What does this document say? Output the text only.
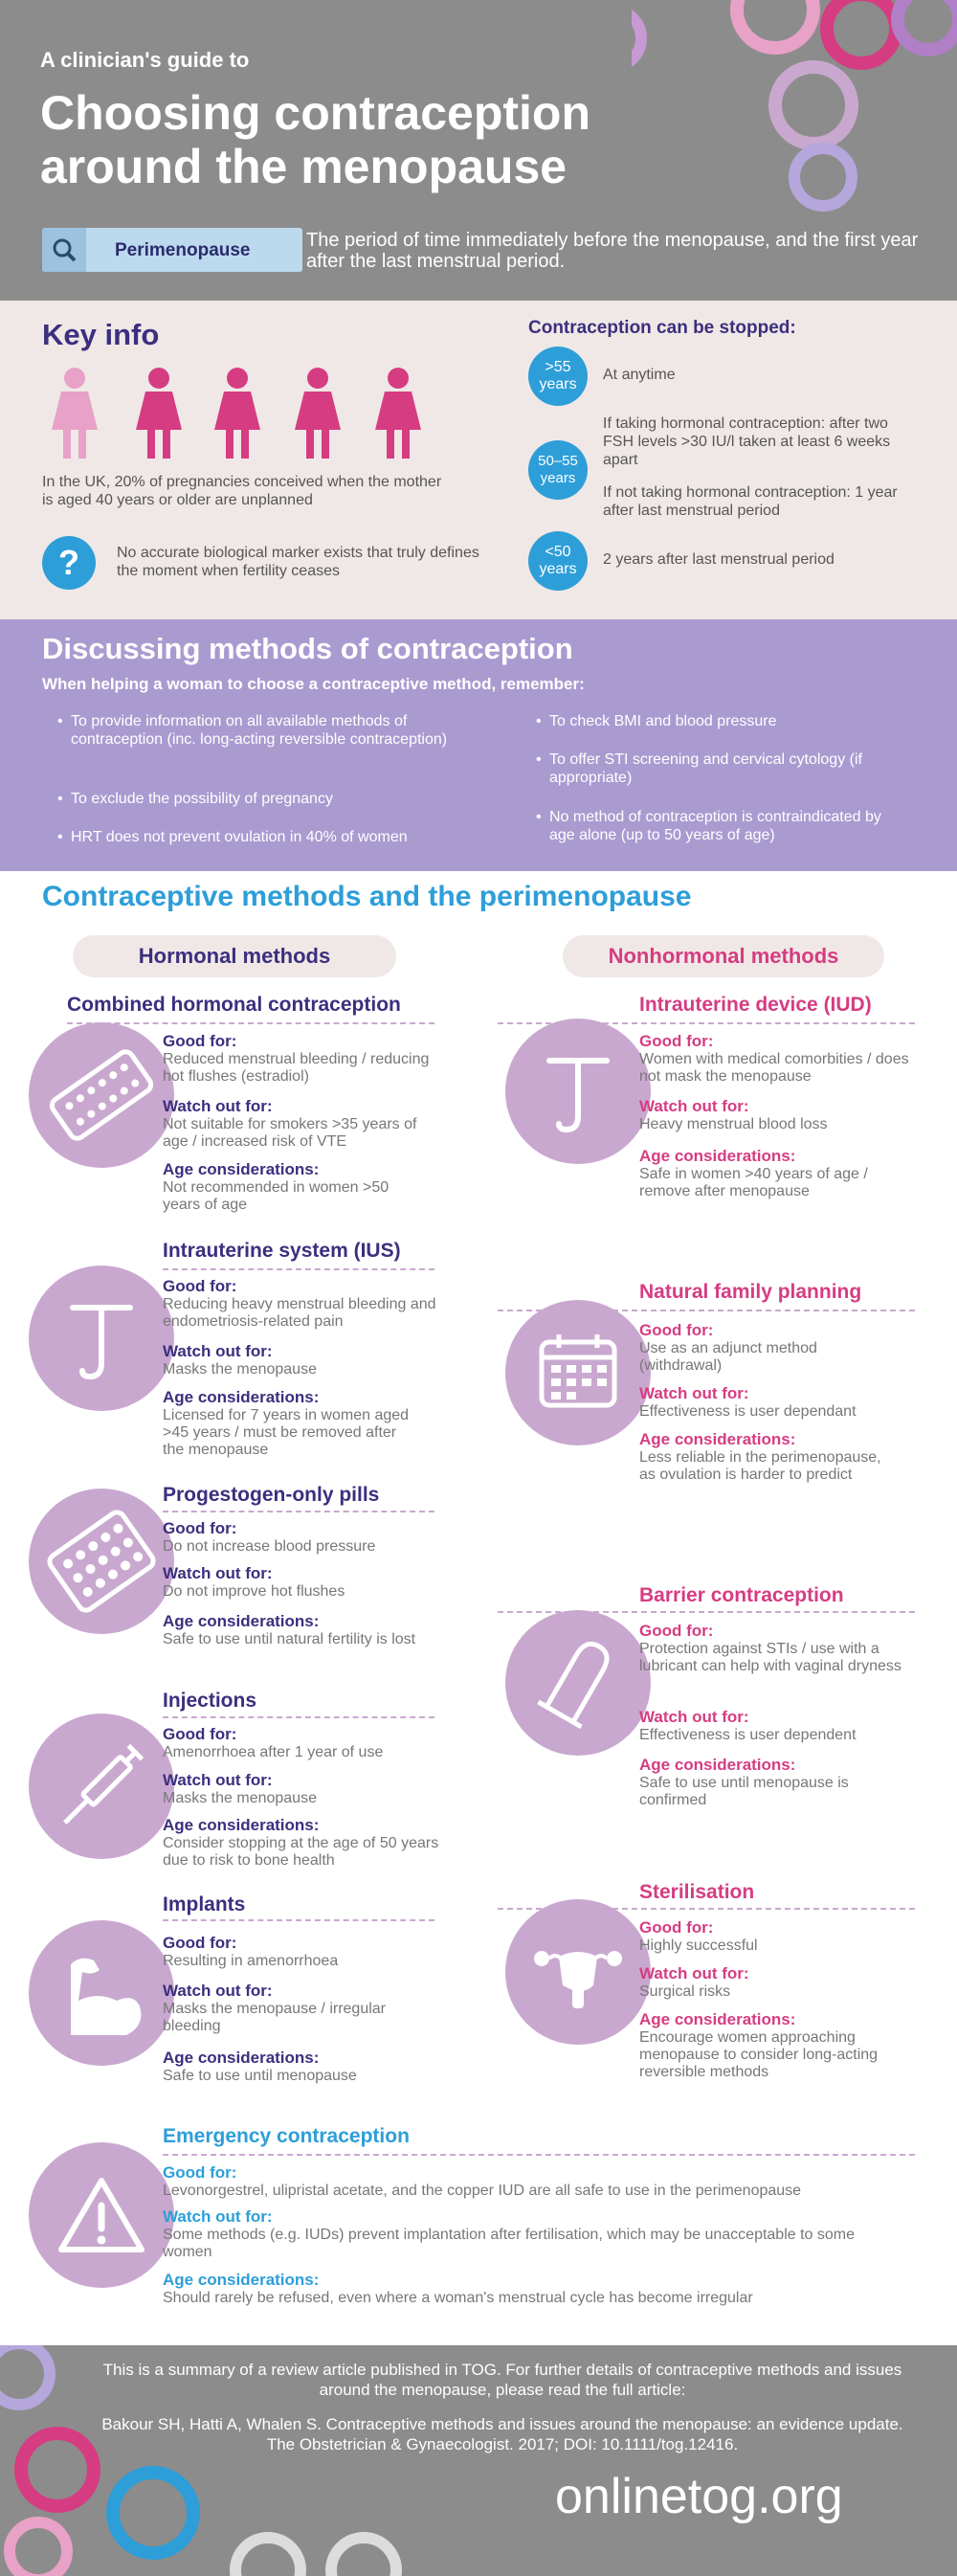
A clinician's guide to
Choosing contraception around the menopause
Perimenopause	The period of time immediately before the menopause, and the first year after the last menstrual period.
Key info
In the UK, 20% of pregnancies conceived when the mother is aged 40 years or older are unplanned
?	No accurate biological marker exists that truly defines the moment when fertility ceases
Contraception can be stopped:
>55 years
At anytime
50–55 years
If taking hormonal contraception: after two FSH levels >30 IU/l taken at least 6 weeks apart
If not taking hormonal contraception: 1 year after last menstrual period
<50 years
2 years after last menstrual period
Discussing methods of contraception
When helping a woman to choose a contraceptive method, remember:
• To provide information on all available methods of contraception (inc. long-acting reversible contraception)
• To exclude the possibility of pregnancy
• HRT does not prevent ovulation in 40% of women
• To check BMI and blood pressure
• To offer STI screening and cervical cytology (if appropriate)
• No method of contraception is contraindicated by age alone (up to 50 years of age)
Contraceptive methods and the perimenopause
Hormonal methods	Nonhormonal methods
Combined hormonal contraception
Good for:
Reduced menstrual bleeding / reducing hot flushes (estradiol)
Watch out for:
Not suitable for smokers >35 years of age / increased risk of VTE
Age considerations:
Not recommended in women >50 years of age
Intrauterine system (IUS)
Good for:
Reducing heavy menstrual bleeding and endometriosis-related pain
Watch out for:
Masks the menopause
Age considerations:
Licensed for 7 years in women aged >45 years / must be removed after the menopause
Progestogen-only pills
Good for:
Do not increase blood pressure
Watch out for:
Do not improve hot flushes
Age considerations:
Safe to use until natural fertility is lost
Injections
Good for:
Amenorrhoea after 1 year of use
Watch out for:
Masks the menopause
Age considerations:
Consider stopping at the age of 50 years due to risk to bone health
Implants
Good for:
Resulting in amenorrhoea
Watch out for:
Masks the menopause / irregular bleeding
Age considerations:
Safe to use until menopause
Intrauterine device (IUD)
Good for:
Women with medical comorbities / does not mask the menopause
Watch out for:
Heavy menstrual blood loss
Age considerations:
Safe in women >40 years of age / remove after menopause
Natural family planning
Good for:
Use as an adjunct method (withdrawal)
Watch out for:
Effectiveness is user dependant
Age considerations:
Less reliable in the perimenopause, as ovulation is harder to predict
Barrier contraception
Good for:
Protection against STIs / use with a lubricant can help with vaginal dryness
Watch out for:
Effectiveness is user dependent
Age considerations:
Safe to use until menopause is confirmed
Sterilisation
Good for:
Highly successful
Watch out for:
Surgical risks
Age considerations:
Encourage women approaching menopause to consider long-acting reversible methods
Emergency contraception
Good for:
Levonorgestrel, ulipristal acetate, and the copper IUD are all safe to use in the perimenopause
Watch out for:
Some methods (e.g. IUDs) prevent implantation after fertilisation, which may be unacceptable to some women
Age considerations:
Should rarely be refused, even where a woman's menstrual cycle has become irregular
This is a summary of a review article published in TOG. For further details of contraceptive methods and issues around the menopause, please read the full article:
Bakour SH, Hatti A, Whalen S. Contraceptive methods and issues around the menopause: an evidence update. The Obstetrician & Gynaecologist. 2017; DOI: 10.1111/tog.12416.
onlinetog.org
